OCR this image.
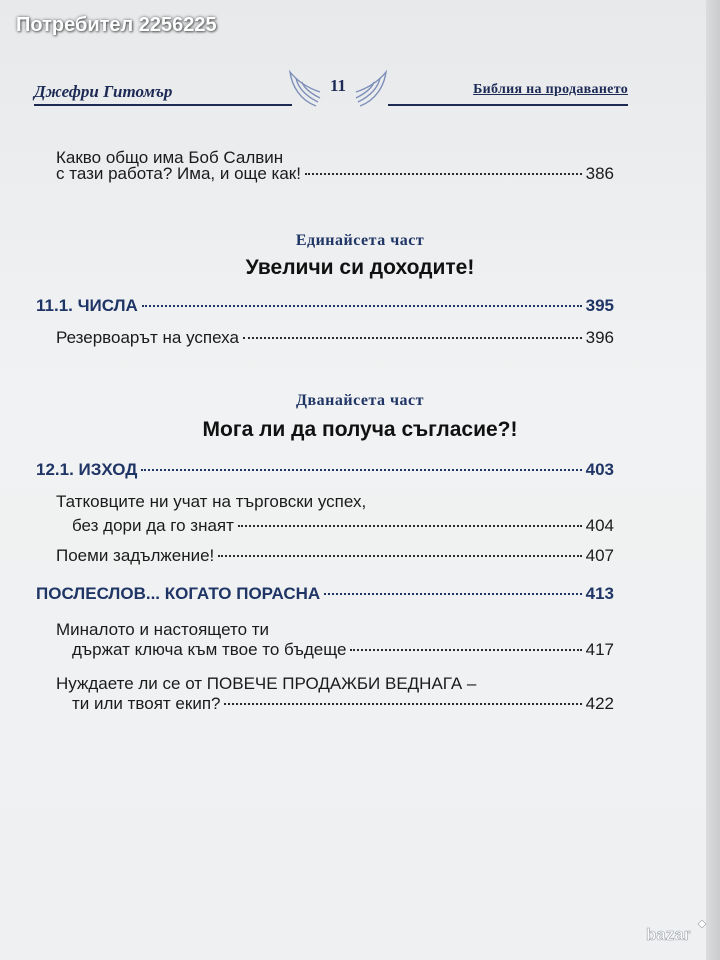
Потребител 2256225
Джефри Гитомър	11	Библия на продаването
Какво общо има Боб Салвин
с тази работа? Има, и още как!	386
Единайсета част
Увеличи си доходите!
11.1. ЧИСЛА	395
Резервоарът на успеха	396
Дванайсета част
Мога ли да получа съгласие?!
12.1. ИЗХОД	403
Татковците ни учат на търговски успех,
без дори да го знаят	404
Поеми задължение!	407
ПОСЛЕСЛОВ... КОГАТО ПОРАСНА	413
Миналото и настоящето ти
държат ключа към твое то бъдеще	417
Нуждаете ли се от ПОВЕЧЕ ПРОДАЖБИ ВЕДНАГА –
ти или твоят екип?	422
bazar
